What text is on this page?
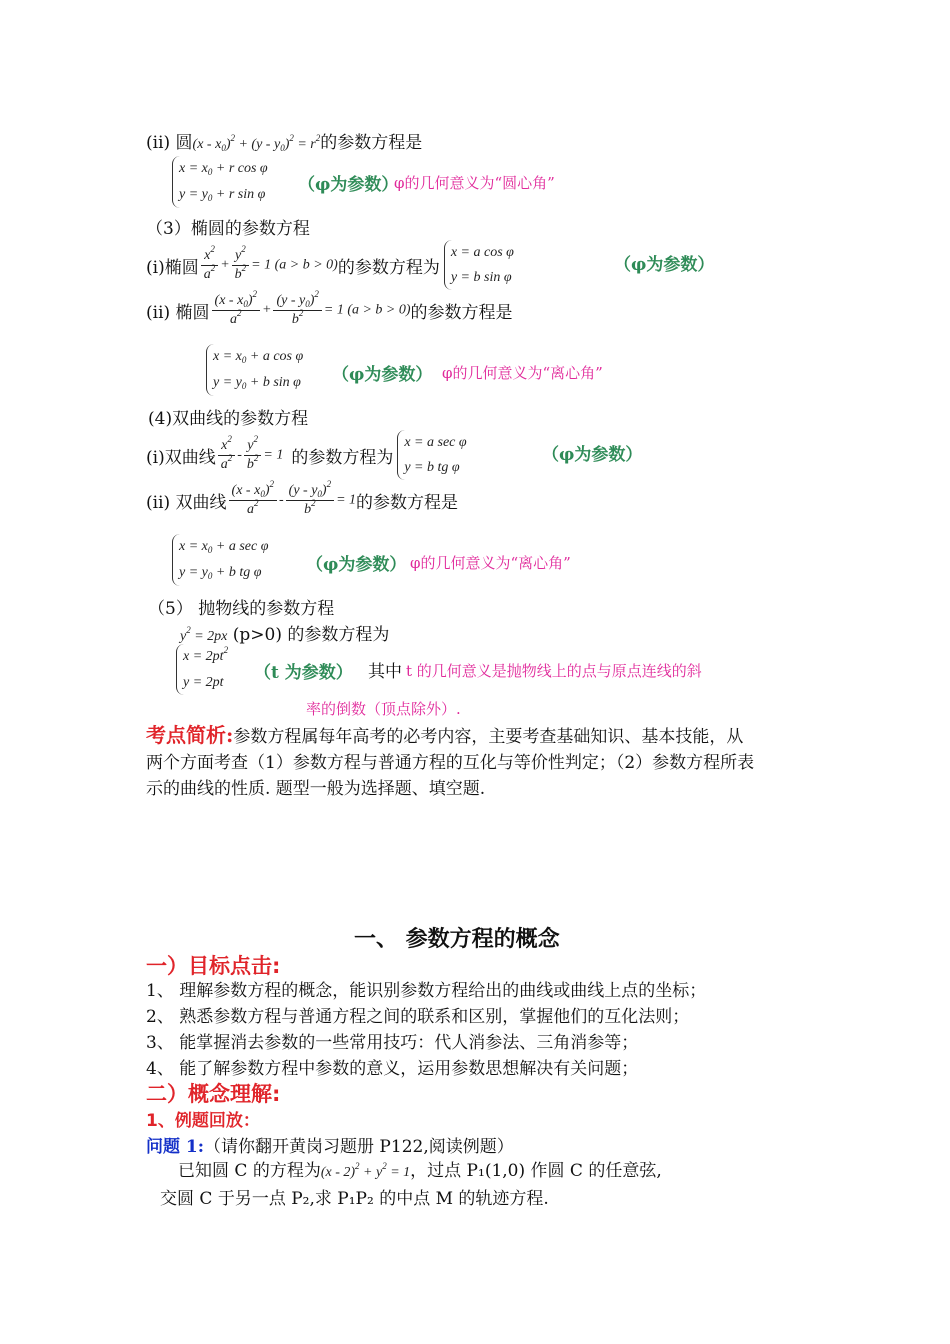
(ⅱ) 圆$(x - x_0)^2 + (y - y_0)^2 = r^2$的参数方程是
$x = x_0 + r$ cos φ
$y = y_0 + r$ sin φ （φ为参数）
φ的几何意义为“圆心角”
（3）椭圆的参数方程
(ⅰ)椭圆 $\frac{x^2}{a^2} + \frac{y^2}{b^2} = 1$ (a > b > 0) 的参数方程为
x = a cos φ
y = b sin φ
（φ为参数）
(ⅱ) 椭圆 $\frac{(x - x_0)^2}{a^2} + \frac{(y - y_0)^2}{b^2} = 1$ (a > b > 0) 的参数方程是
$x = x_0 + a$ cos φ
$y = y_0 + b$ sin φ （φ为参数） φ的几何意义为“离心角”
(4)双曲线的参数方程
(ⅰ)双曲线 $\frac{x^2}{a^2} - \frac{y^2}{b^2} = 1$ 的参数方程为
x = a sec φ
y = b tg φ
（φ为参数）
(ⅱ) 双曲线 $\frac{(x - x_0)^2}{a^2} - \frac{(y - y_0)^2}{b^2} = 1$ 的参数方程是
$x = x_0 + a$ sec φ
$y = y_0 + b$ tg φ	（φ为参数） φ的几何意义为“离心角”
（5） 抛物线的参数方程
$y^2 = 2px$ (p>0) 的参数方程为
$x = 2pt^2$
y = 2pt （t 为参数） 其中 t 的几何意义是抛物线上的点与原点连线的斜
率的倒数（顶点除外）.
考点简析:参数方程属每年高考的必考内容，主要考查基础知识、基本技能，从
两个方面考查（1）参数方程与普通方程的互化与等价性判定；（2）参数方程所表
示的曲线的性质. 题型一般为选择题、填空题.
一、 参数方程的概念
一）目标点击:
1、 理解参数方程的概念，能识别参数方程给出的曲线或曲线上点的坐标；
2、 熟悉参数方程与普通方程之间的联系和区别，掌握他们的互化法则；
3、 能掌握消去参数的一些常用技巧：代人消参法、三角消参等；
4、 能了解参数方程中参数的意义，运用参数思想解决有关问题；
二）概念理解:
1、例题回放：
问题 1:（请你翻开黄岗习题册 P122,阅读例题）
已知圆 C 的方程为$(x - 2)^2 + y^2 = 1$，过点 P₁(1,0) 作圆 C 的任意弦,
交圆 C 于另一点 P₂,求 P₁P₂ 的中点 M 的轨迹方程.
